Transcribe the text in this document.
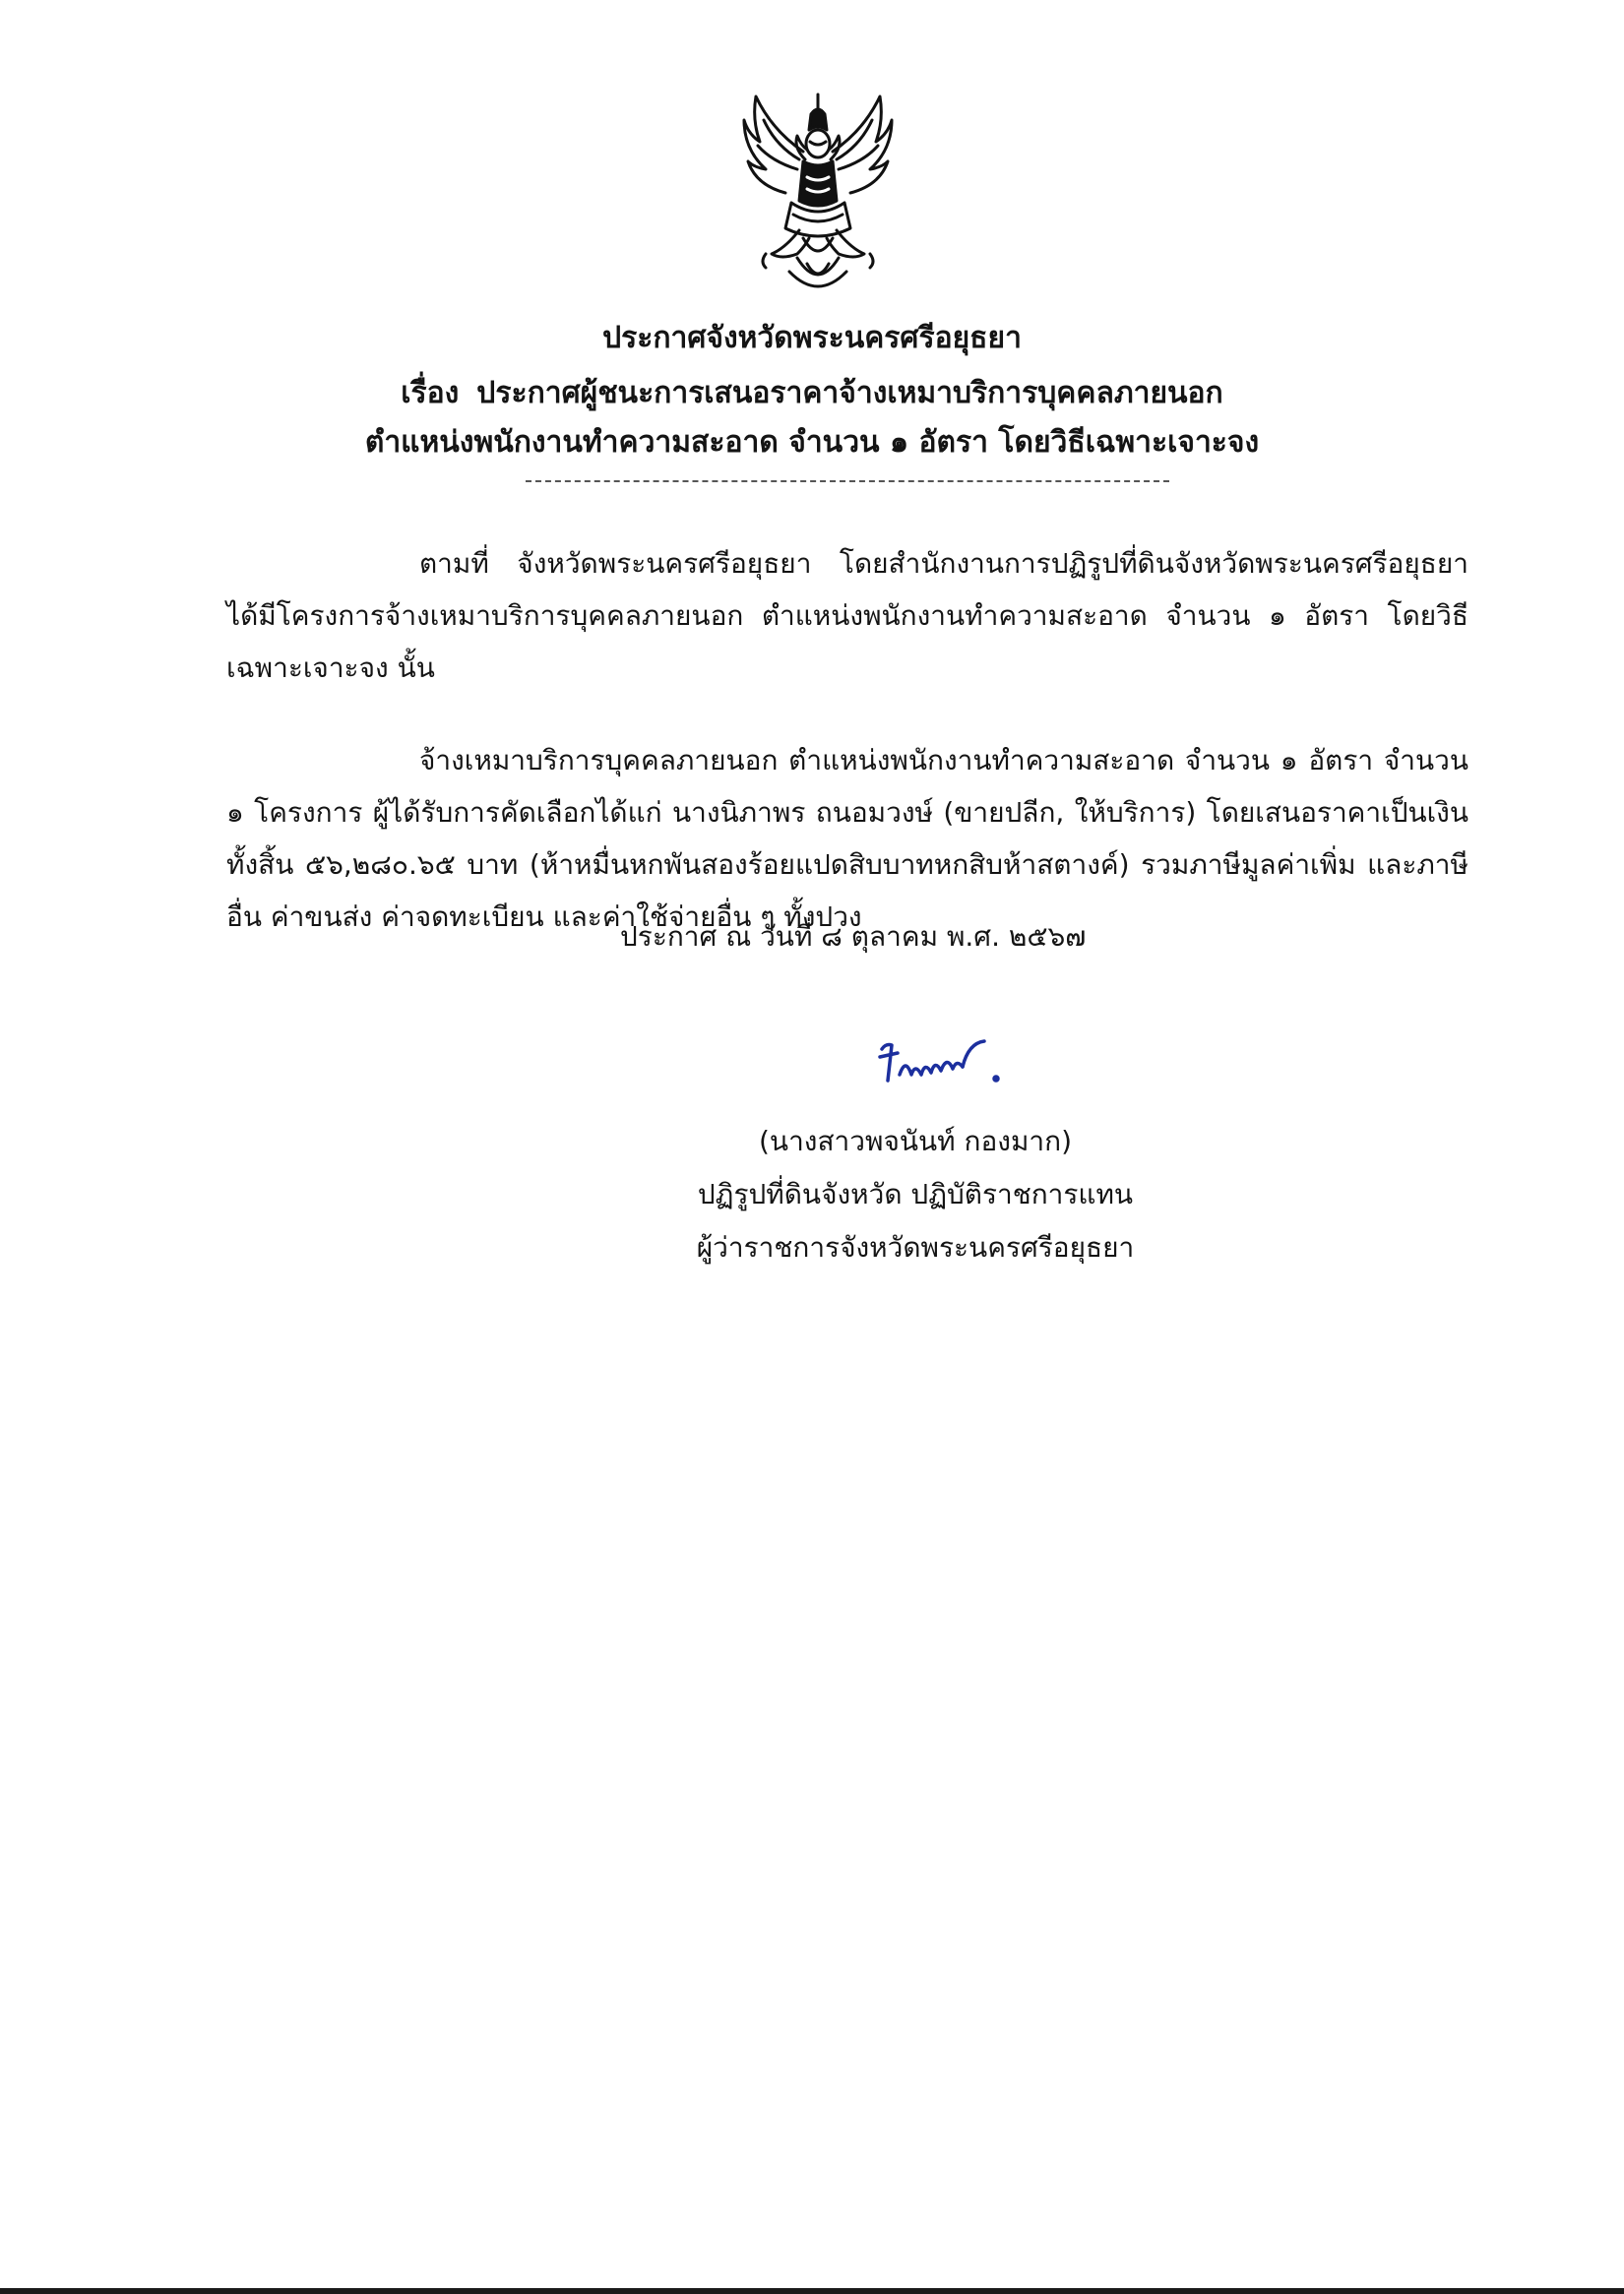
ประกาศจังหวัดพระนครศรีอยุธยา
เรื่อง ประกาศผู้ชนะการเสนอราคาจ้างเหมาบริการบุคคลภายนอก
ตำแหน่งพนักงานทำความสะอาด จำนวน ๑ อัตรา โดยวิธีเฉพาะเจาะจง
ตามที่ จังหวัดพระนครศรีอยุธยา โดยสำนักงานการปฏิรูปที่ดินจังหวัดพระนครศรีอยุธยา ได้มีโครงการจ้างเหมาบริการบุคคลภายนอก ตำแหน่งพนักงานทำความสะอาด จำนวน ๑ อัตรา โดยวิธีเฉพาะเจาะจง นั้น
จ้างเหมาบริการบุคคลภายนอก ตำแหน่งพนักงานทำความสะอาด จำนวน ๑ อัตรา จำนวน ๑ โครงการ ผู้ได้รับการคัดเลือกได้แก่ นางนิภาพร ถนอมวงษ์ (ขายปลีก, ให้บริการ) โดยเสนอราคาเป็นเงินทั้งสิ้น ๕๖,๒๘๐.๖๕ บาท (ห้าหมื่นหกพันสองร้อยแปดสิบบาทหกสิบห้าสตางค์) รวมภาษีมูลค่าเพิ่ม และภาษีอื่น ค่าขนส่ง ค่าจดทะเบียน และค่าใช้จ่ายอื่น ๆ ทั้งปวง
ประกาศ ณ วันที่ ๘ ตุลาคม พ.ศ. ๒๕๖๗
(นางสาวพจนันท์ กองมาก)
ปฏิรูปที่ดินจังหวัด ปฏิบัติราชการแทน
ผู้ว่าราชการจังหวัดพระนครศรีอยุธยา
